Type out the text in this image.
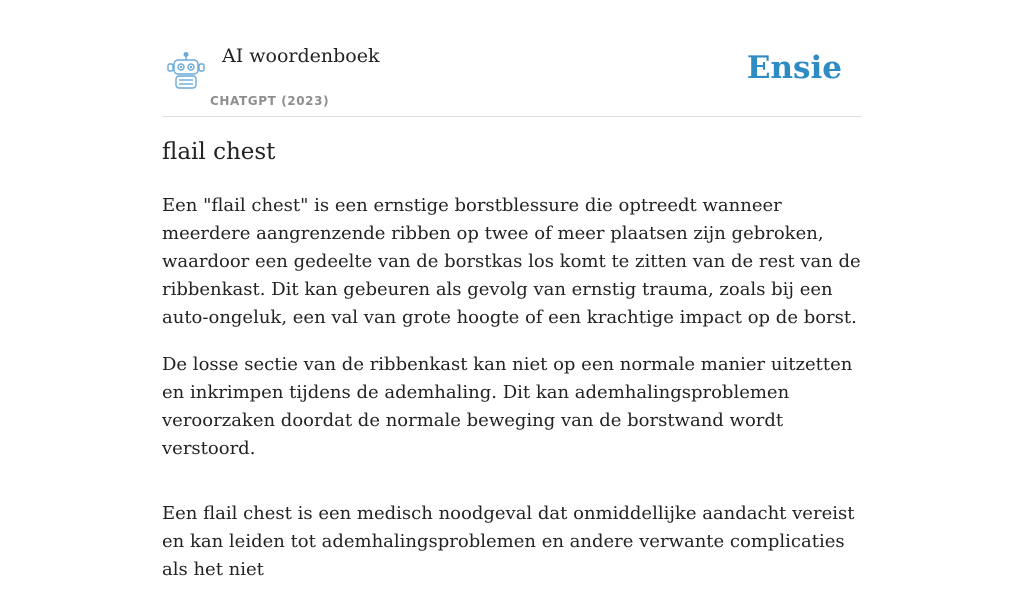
AI woordenboek
CHATGPT (2023)
Ensie
flail chest

Een "flail chest" is een ernstige borstblessure die optreedt wanneer meerdere aangrenzende ribben op twee of meer plaatsen zijn gebroken, waardoor een gedeelte van de borstkas los komt te zitten van de rest van de ribbenkast. Dit kan gebeuren als gevolg van ernstig trauma, zoals bij een auto-ongeluk, een val van grote hoogte of een krachtige impact op de borst.

De losse sectie van de ribbenkast kan niet op een normale manier uitzetten en inkrimpen tijdens de ademhaling. Dit kan ademhalingsproblemen veroorzaken doordat de normale beweging van de borstwand wordt verstoord.

Een flail chest is een medisch noodgeval dat onmiddellijke aandacht vereist en kan leiden tot ademhalingsproblemen en andere verwante complicaties als het niet
